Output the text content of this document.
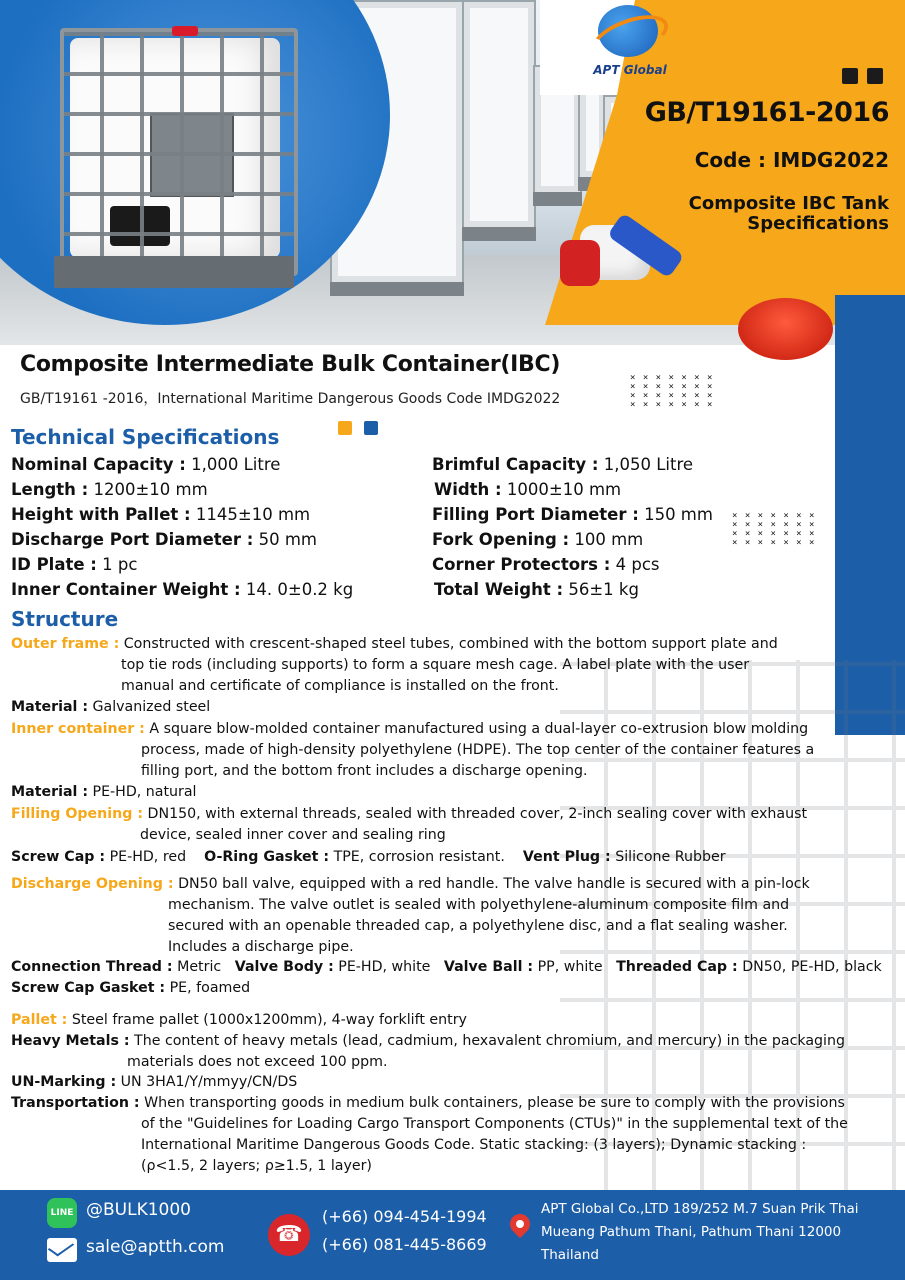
APT Global
GB/T19161-2016
Code : IMDG2022
Composite IBC Tank
Specifications
Composite Intermediate Bulk Container(IBC)
GB/T19161 -2016，International Maritime Dangerous Goods Code IMDG2022
× × × × × × ×
× × × × × × ×
× × × × × × ×
× × × × × × ×
Technical Specifications
Nominal Capacity : 1,000 Litre
Length : 1200±10 mm
Height with Pallet : 1145±10 mm
Discharge Port Diameter : 50 mm
ID Plate : 1 pc
Inner Container Weight : 14. 0±0.2 kg
Brimful Capacity : 1,050 Litre
Width : 1000±10 mm
Filling Port Diameter : 150 mm
Fork Opening : 100 mm
Corner Protectors : 4 pcs
Total Weight : 56±1 kg
× × × × × × ×
× × × × × × ×
× × × × × × ×
× × × × × × ×
Structure
Outer frame : Constructed with crescent-shaped steel tubes, combined with the bottom support plate and
top tie rods (including supports) to form a square mesh cage. A label plate with the user
manual and certificate of compliance is installed on the front.
Material : Galvanized steel
Inner container : A square blow-molded container manufactured using a dual-layer co-extrusion blow molding
process, made of high-density polyethylene (HDPE). The top center of the container features a
filling port, and the bottom front includes a discharge opening.
Material : PE-HD, natural
Filling Opening : DN150, with external threads, sealed with threaded cover, 2-inch sealing cover with exhaust
device, sealed inner cover and sealing ring
Screw Cap : PE-HD, red O-Ring Gasket : TPE, corrosion resistant. Vent Plug : Silicone Rubber
Discharge Opening : DN50 ball valve, equipped with a red handle. The valve handle is secured with a pin-lock
mechanism. The valve outlet is sealed with polyethylene-aluminum composite film and
secured with an openable threaded cap, a polyethylene disc, and a flat sealing washer.
Includes a discharge pipe.
Connection Thread : Metric Valve Body : PE-HD, white Valve Ball : PP, white Threaded Cap : DN50, PE-HD, black
Screw Cap Gasket : PE, foamed
Pallet : Steel frame pallet (1000x1200mm), 4-way forklift entry
Heavy Metals : The content of heavy metals (lead, cadmium, hexavalent chromium, and mercury) in the packaging
materials does not exceed 100 ppm.
UN-Marking : UN 3HA1/Y/mmyy/CN/DS
Transportation : When transporting goods in medium bulk containers, please be sure to comply with the provisions
of the "Guidelines for Loading Cargo Transport Components (CTUs)" in the supplemental text of the
International Maritime Dangerous Goods Code. Static stacking: (3 layers); Dynamic stacking :
(ρ<1.5, 2 layers; ρ≥1.5, 1 layer)
LINE @BULK1000
sale@aptth.com	☎
(+66) 094-454-1994
(+66) 081-445-8669
APT Global Co.,LTD 189/252 M.7 Suan Prik Thai
Mueang Pathum Thani, Pathum Thani 12000
Thailand
